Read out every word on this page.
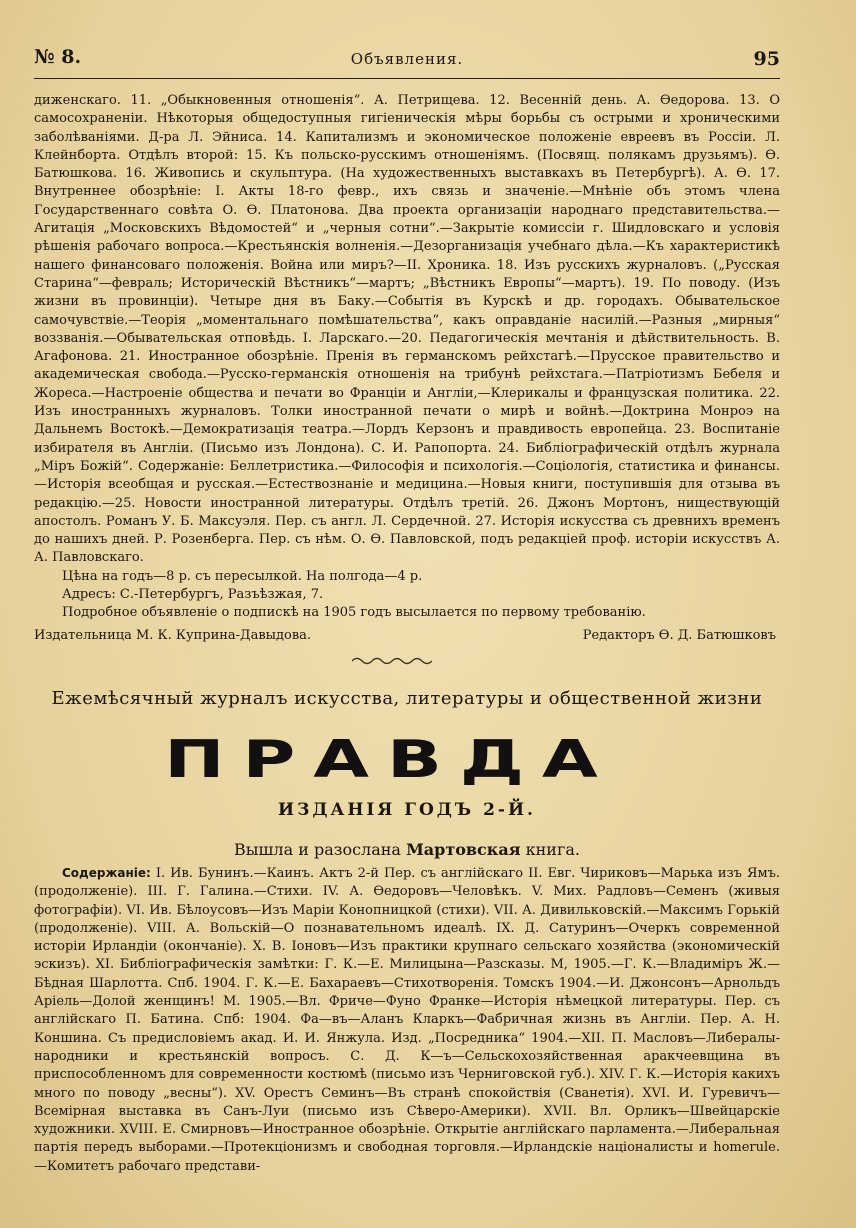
№ 8.	Объявления.	95

диженскаго. 11. „Обыкновенныя отношенія“. А. Петрищева. 12. Весенній день. А. Өедорова. 13. О самосохраненіи. Нѣкоторыя общедоступныя гигіеническія мѣры борьбы съ острыми и хроническими заболѣваніями. Д-ра Л. Эйниса. 14. Капитализмъ и экономическое положеніе евреевъ въ Россіи. Л. Клейнборта. Отдѣлъ второй: 15. Къ польско-русскимъ отношеніямъ. (Посвящ. полякамъ друзьямъ). Ө. Батюшкова. 16. Живопись и скульптура. (На художественныхъ выставкахъ въ Петербургѣ). А. Ө. 17. Внутреннее обозрѣніе: I. Акты 18-го февр., ихъ связь и значеніе.—Мнѣніе объ этомъ члена Государственнаго совѣта О. Ө. Платонова. Два проекта организаціи народнаго представительства.—Агитація „Московскихъ Вѣдомостей“ и „черныя сотни“.—Закрытіе комиссіи г. Шидловскаго и условія рѣшенія рабочаго вопроса.—Крестьянскія волненія.—Дезорганизація учебнаго дѣла.—Къ характеристикѣ нашего финансоваго положенія. Война или миръ?—II. Хроника. 18. Изъ русскихъ журналовъ. („Русская Старина“—февраль; Историческій Вѣстникъ“—мартъ; „Вѣстникъ Европы“—мартъ). 19. По поводу. (Изъ жизни въ провинціи). Четыре дня въ Баку.—Событія въ Курскѣ и др. городахъ. Обывательское самочувствіе.—Теорія „моментальнаго помѣшательства“, какъ оправданіе насилій.—Разныя „мирныя“ воззванія.—Обывательская отповѣдь. І. Ларскаго.—20. Педагогическія мечтанія и дѣйствительность. В. Агафонова. 21. Иностранное обозрѣніе. Пренія въ германскомъ рейхстагѣ.—Прусское правительство и академическая свобода.—Русско-германскія отношенія на трибунѣ рейхстага.—Патріотизмъ Бебеля и Жореса.—Настроеніе общества и печати во Франціи и Англіи,—Клерикалы и французская политика. 22. Изъ иностранныхъ журналовъ. Толки иностранной печати о мирѣ и войнѣ.—Доктрина Монроэ на Дальнемъ Востокѣ.—Демократизація театра.—Лордъ Керзонъ и правдивость европейца. 23. Воспитаніе избирателя въ Англіи. (Письмо изъ Лондона). С. И. Рапопорта. 24. Библіографическій отдѣлъ журнала „Міръ Божій“. Содержаніе: Беллетристика.—Философія и психологія.—Соціологія, статистика и финансы.—Исторія всеобщая и русская.—Естествознаніе и медицина.—Новыя книги, поступившія для отзыва въ редакцію.—25. Новости иностранной литературы. Отдѣлъ третій. 26. Джонъ Мортонъ, ниществующій апостолъ. Романъ У. Б. Максуэля. Пер. съ англ. Л. Сердечной. 27. Исторія искусства съ древнихъ временъ до нашихъ дней. Р. Розенберга. Пер. съ нѣм. О. Ө. Павловской, подъ редакціей проф. исторіи искусствъ А. А. Павловскаго.

Цѣна на годъ—8 р. съ пересылкой. На полгода—4 р.

Адресъ: С.-Петербургъ, Разъѣзжая, 7.

Подробное объявленіе о подпискѣ на 1905 годъ высылается по первому требованію.

Издательница М. К. Куприна-Давыдова.	Редакторъ Ө. Д. Батюшковъ
Ежемѣсячный журналъ искусства, литературы и общественной жизни
ПРАВДА
ИЗДАНІЯ ГОДЪ 2-Й.
Вышла и разослана Мартовская книга.

Содержаніе: I. Ив. Бунинъ.—Каинъ. Актъ 2-й Пер. съ англійскаго II. Евг. Чириковъ—Марька изъ Ямъ. (продолженіе). III. Г. Галина.—Стихи. IV. А. Өедоровъ—Человѣкъ. V. Мих. Радловъ—Семенъ (живыя фотографіи). VI. Ив. Бѣлоусовъ—Изъ Маріи Конопницкой (стихи). VII. А. Дивильковскій.—Максимъ Горькій (продолженіе). VIII. А. Вольскій—О познавательномъ идеалѣ. IX. Д. Сатуринъ—Очеркъ современной исторіи Ирландіи (окончаніе). X. В. Іоновъ—Изъ практики крупнаго сельскаго хозяйства (экономическій эскизъ). XI. Библіографическія замѣтки: Г. К.—Е. Милицына—Разсказы. М, 1905.—Г. К.—Владиміръ Ж.—Бѣдная Шарлотта. Спб. 1904. Г. К.—Е. Бахараевъ—Стихотворенія. Томскъ 1904.—И. Джонсонъ—Арнольдъ Аріель—Долой женщинъ! М. 1905.—Вл. Фриче—Фуно Франке—Исторія нѣмецкой литературы. Пер. съ англійскаго П. Батина. Спб: 1904. Фа—въ—Аланъ Кларкъ—Фабричная жизнь въ Англіи. Пер. А. Н. Коншина. Съ предисловіемъ акад. И. И. Янжула. Изд. „Посредника“ 1904.—XII. П. Масловъ—Либералы-народники и крестьянскій вопросъ. С. Д. К—ъ—Сельскохозяйственная аракчеевщина въ приспособленномъ для современности костюмѣ (письмо изъ Черниговской губ.). XIV. Г. К.—Исторія какихъ много по поводу „весны“). XV. Орестъ Семинъ—Въ странѣ спокойствія (Сванетія). XVI. И. Гуревичъ—Всемірная выставка въ Санъ-Луи (письмо изъ Сѣверо-Америки). XVII. Вл. Орликъ—Швейцарскіе художники. XVIII. Е. Смирновъ—Иностранное обозрѣніе. Открытіе англійскаго парламента.—Либеральная партія передъ выборами.—Протекціонизмъ и свободная торговля.—Ирландскіе націоналисты и homerule.—Комитетъ рабочаго представи-
